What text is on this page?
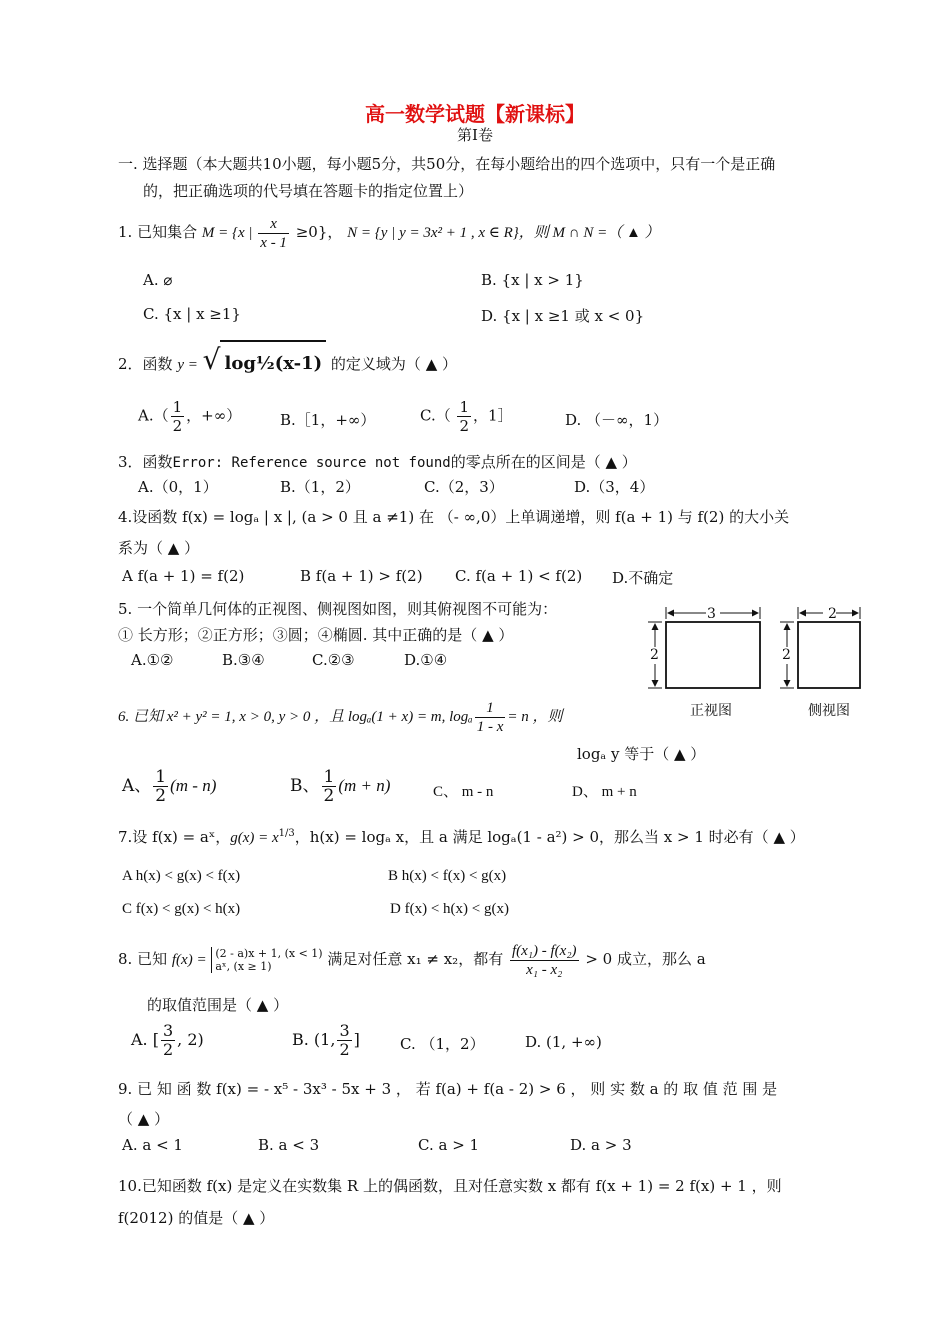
高一数学试题【新课标】
第Ⅰ卷
一. 选择题（本大题共10小题，每小题5分，共50分，在每小题给出的四个选项中，只有一个是正确
的，把正确选项的代号填在答题卡的指定位置上）
1. 已知集合 M = {x | $\frac{x}{x - 1} \ge 0$}， N = {y | y = 3x² + 1 , x ∈ R}，则 M ∩ N =（ ▲ ）
A. ⌀	B. {x | x > 1}
C. {x | x ≥1}	D. {x | x ≥1 或 x < 0}
2．函数 y = √ log½(x-1) 的定义域为（ ▲ ）
$A.( \frac{1}{2}$ ，+∞）	B.［1，+∞）	$C.( \frac{1}{2}$ ，1］	D. （－∞，1）
3．函数Error: Reference source not found的零点所在的区间是（ ▲ ）
A.（0，1）	B.（1，2）	C.（2，3）	D.（3，4）
4.设函数 f(x) = logₐ | x |, (a > 0 且 a ≠1) 在 （- ∞,0）上单调递增，则 f(a + 1) 与 f(2) 的大小关
系为（ ▲ ）
A f(a + 1) = f(2)	B f(a + 1) > f(2) C. f(a + 1) < f(2) D.不确定
5. 一个简单几何体的正视图、侧视图如图，则其俯视图不可能为：
① 长方形；②正方形；③圆；④椭圆. 其中正确的是（ ▲ ）
A.①②	B.③④	C.②③	D.①④
3
2
2
2
正视图	侧视图
6. 已知 x² + y² = 1, x > 0, y > 0 ，且 logₐ(1 + x) = m, logₐ $\frac{1}{1 - x} = n$ ，则
logₐ y 等于（ ▲ ）
A、 $\frac{1}{2} (m - n)$	B、 $\frac{1}{2} (m + n)$	C、 m - n	D、 m + n
7.设 f(x) = aˣ，$g(x) = x^{1/3}$，h(x) = logₐ x，且 a 满足 logₐ(1 - a²) > 0，那么当 x > 1 时必有（ ▲ ）
A h(x) < g(x) < f(x)	B h(x) < f(x) < g(x)
C f(x) < g(x) < h(x)	D f(x) < h(x) < g(x)
8. 已知 f(x) = (2 - a)x + 1, (x < 1)
aˣ, (x ≥ 1)	满足对任意 x₁ ≠ x₂，都有 $\frac{\text{f(x₁) - f(x₂)}}{\text{x₁ - x₂}} > 0$ 成立，那么 a
的取值范围是（ ▲ ）
A. [ $\frac{3}{2}$ , 2)	B. (1, $\frac{3}{2}$ ]	C. （1，2）	D. (1, +∞)
9. 已 知 函 数 f(x) = - x⁵ - 3x³ - 5x + 3 ， 若 f(a) + f(a - 2) > 6 ， 则 实 数 a 的 取 值 范 围 是
（ ▲ ）
A. a < 1	B. a < 3	C. a > 1	D. a > 3
10.已知函数 f(x) 是定义在实数集 R 上的偶函数，且对任意实数 x 都有 f(x + 1) = 2 f(x) + 1 ，则
f(2012) 的值是（ ▲ ）
